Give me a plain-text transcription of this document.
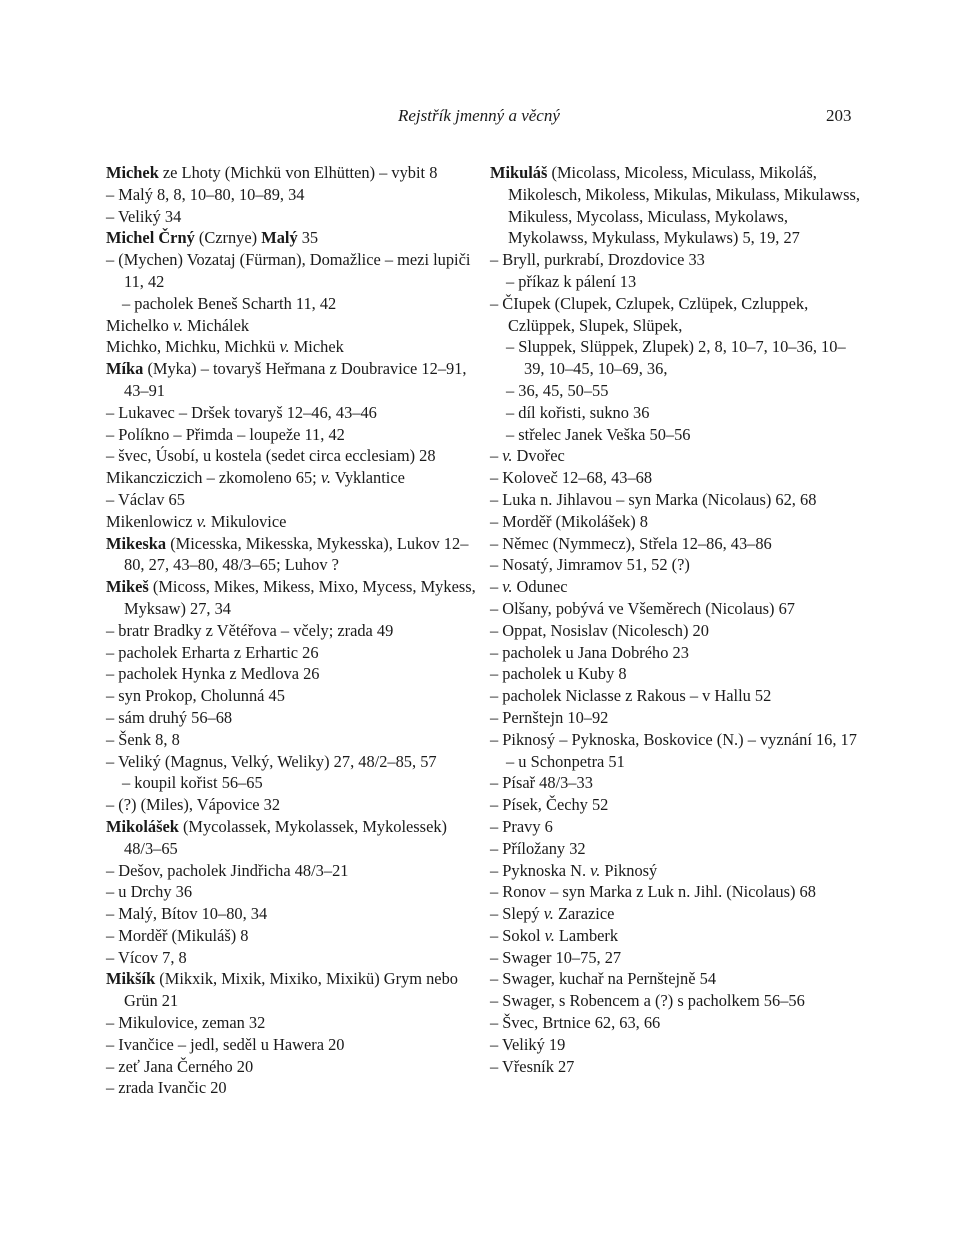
Rejstřík jmenný a věcný	203

Michek ze Lhoty (Michkü von Elhütten) – vybit 8

– Malý 8, 8, 10–80, 10–89, 34

– Veliký 34

Michel Črný (Czrnye) Malý 35

– (Mychen) Vozataj (Fürman), Domažlice – mezi lupiči 11, 42

– pacholek Beneš Scharth 11, 42

Michelko v. Michálek

Michko, Michku, Michkü v. Michek

Míka (Myka) – tovaryš Heřmana z Doubravice 12–91, 43–91

– Lukavec – Dršek tovaryš 12–46, 43–46

– Políkno – Přimda – loupeže 11, 42

– švec, Úsobí, u kostela (sedet circa ecclesiam) 28

Mikancziczich – zkomoleno 65; v. Vyklantice

– Václav 65

Mikenlowicz v. Mikulovice

Mikeska (Micesska, Mikesska, Mykesska), Lukov 12–80, 27, 43–80, 48/3–65; Luhov ?

Mikeš (Micoss, Mikes, Mikess, Mixo, Mycess, Mykess, Myksaw) 27, 34

– bratr Bradky z Větéřova – včely; zrada 49

– pacholek Erharta z Erhartic 26

– pacholek Hynka z Medlova 26

– syn Prokop, Cholunná 45

– sám druhý 56–68

– Šenk 8, 8

– Veliký (Magnus, Velký, Weliky) 27, 48/2–85, 57

– koupil kořist 56–65

– (?) (Miles), Vápovice 32

Mikolášek (Mycolassek, Mykolassek, Mykolessek) 48/3–65

– Dešov, pacholek Jindřicha 48/3–21

– u Drchy 36

– Malý, Bítov 10–80, 34

– Morděř (Mikuláš) 8

– Vícov 7, 8

Mikšík (Mikxik, Mixik, Mixiko, Mixikü) Grym nebo Grün 21

– Mikulovice, zeman 32

– Ivančice – jedl, seděl u Hawera 20

– zeť Jana Černého 20

– zrada Ivančic 20

Mikuláš (Micolass, Micoless, Miculass, Mikoláš, Mikolesch, Mikoless, Mikulas, Mikulass, Mikulawss, Mikuless, Mycolass, Miculass, Mykolaws, Mykolawss, Mykulass, Mykulaws) 5, 19, 27

– Bryll, purkrabí, Drozdovice 33

– příkaz k pálení 13

– ČIupek (Clupek, Czlupek, Czlüpek, Czluppek, Czlüppek, Slupek, Slüpek,

– Sluppek, Slüppek, Zlupek) 2, 8, 10–7, 10–36, 10–39, 10–45, 10–69, 36,

– 36, 45, 50–55

– díl kořisti, sukno 36

– střelec Janek Veška 50–56

– v. Dvořec

– Koloveč 12–68, 43–68

– Luka n. Jihlavou – syn Marka (Nicolaus) 62, 68

– Morděř (Mikolášek) 8

– Němec (Nymmecz), Střela 12–86, 43–86

– Nosatý, Jimramov 51, 52 (?)

– v. Odunec

– Olšany, pobývá ve Všeměrech (Nicolaus) 67

– Oppat, Nosislav (Nicolesch) 20

– pacholek u Jana Dobrého 23

– pacholek u Kuby 8

– pacholek Niclasse z Rakous – v Hallu 52

– Pernštejn 10–92

– Piknosý – Pyknoska, Boskovice (N.) – vyznání 16, 17

– u Schonpetra 51

– Písař 48/3–33

– Písek, Čechy 52

– Pravy 6

– Příložany 32

– Pyknoska N. v. Piknosý

– Ronov – syn Marka z Luk n. Jihl. (Nicolaus) 68

– Slepý v. Zarazice

– Sokol v. Lamberk

– Swager 10–75, 27

– Swager, kuchař na Pernštejně 54

– Swager, s Robencem a (?) s pacholkem 56–56

– Švec, Brtnice 62, 63, 66

– Veliký 19

– Vřesník 27
